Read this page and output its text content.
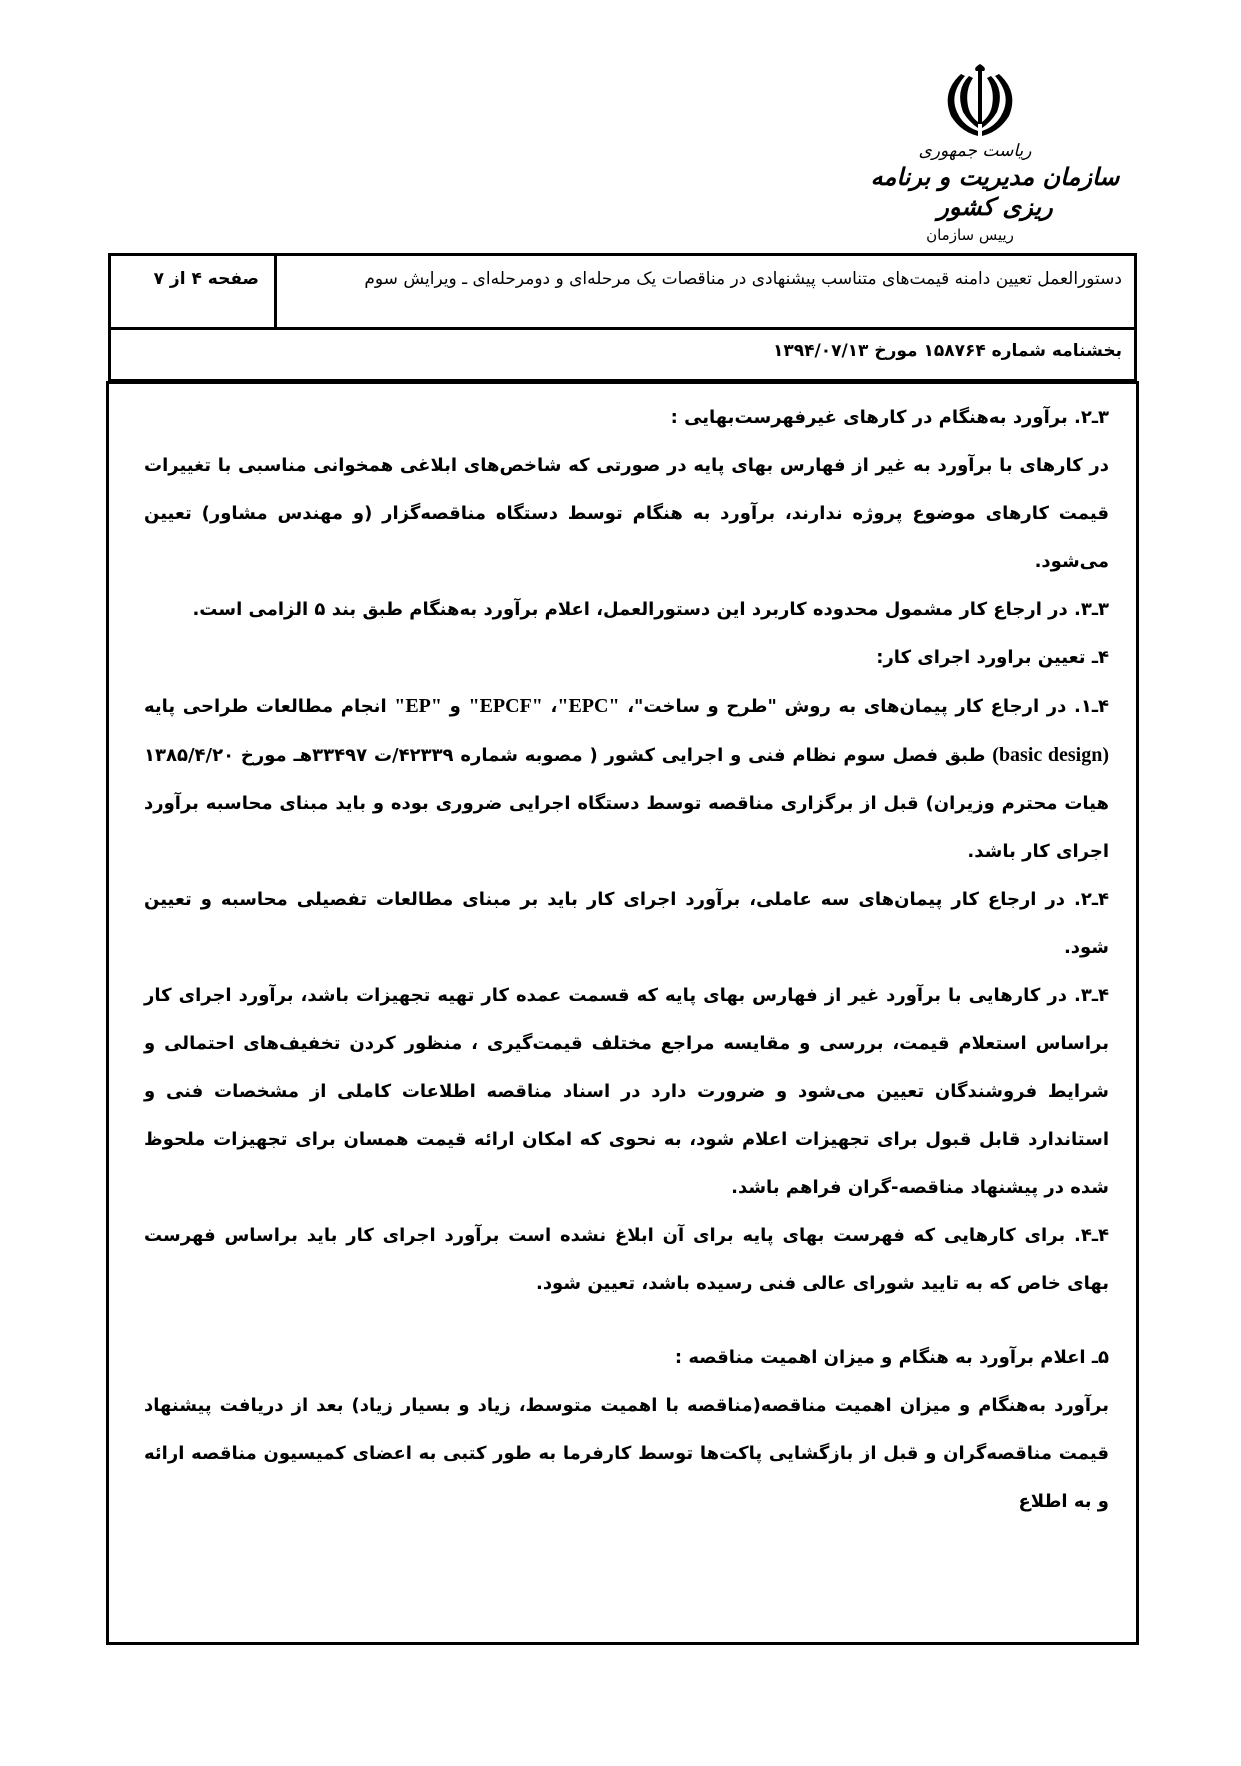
ریاست جمهوری
سازمان مدیریت و برنامه ریزی کشور
رییس سازمان
دستورالعمل تعیین دامنه قیمت‌های متناسب پیشنهادی در مناقصات یک مرحله‌ای و دومرحله‌ای ـ ویرایش سوم
صفحه ۴ از ۷
بخشنامه شماره ۱۵۸۷۶۴ مورخ ۱۳۹۴/۰۷/۱۳

۳ـ۲. برآورد به‌هنگام در کارهای غیرفهرست‌بهایی :

در کارهای با برآورد به غیر از فهارس بهای پایه در صورتی که شاخص‌های ابلاغی همخوانی مناسبی با تغییرات قیمت کارهای موضوع پروژه ندارند، برآورد به هنگام توسط دستگاه مناقصه‌گزار (و مهندس مشاور) تعیین می‌شود.

۳ـ۳. در ارجاع کار مشمول محدوده کاربرد این دستورالعمل، اعلام برآورد به‌هنگام طبق بند ۵ الزامی است.

۴ـ تعیین براورد اجرای کار:

۴ـ۱. در ارجاع کار پیمان‌های به روش "طرح و ساخت"، "EPC"، "EPCF" و "EP" انجام مطالعات طراحی پایه (basic design) طبق فصل سوم نظام فنی و اجرایی کشور ( مصوبه شماره ۴۲۳۳۹/ت ۳۳۴۹۷هـ مورخ ۱۳۸۵/۴/۲۰ هیات محترم وزیران) قبل از برگزاری مناقصه توسط دستگاه اجرایی ضروری بوده و باید مبنای محاسبه برآورد اجرای کار باشد.

۴ـ۲. در ارجاع کار پیمان‌های سه عاملی، برآورد اجرای کار باید بر مبنای مطالعات تفصیلی محاسبه و تعیین شود.

۴ـ۳. در کارهایی با برآورد غیر از فهارس بهای پایه که قسمت عمده کار تهیه تجهیزات باشد، برآورد اجرای کار براساس استعلام قیمت، بررسی و مقایسه مراجع مختلف قیمت‌گیری ، منظور کردن تخفیف‌های احتمالی و شرایط فروشندگان تعیین می‌شود و ضرورت دارد در اسناد مناقصه اطلاعات کاملی از مشخصات فنی و استاندارد قابل قبول برای تجهیزات اعلام شود، به نحوی که امکان ارائه قیمت همسان برای تجهیزات ملحوظ شده در پیشنهاد مناقصه-گران فراهم باشد.

۴ـ۴. برای کارهایی که فهرست بهای پایه برای آن ابلاغ نشده است برآورد اجرای کار باید براساس فهرست بهای خاص که به تایید شورای عالی فنی رسیده باشد، تعیین شود.

۵ـ اعلام برآورد به هنگام و میزان اهمیت مناقصه :

برآورد به‌هنگام و میزان اهمیت مناقصه(مناقصه با اهمیت متوسط، زیاد و بسیار زیاد) بعد از دریافت پیشنهاد قیمت مناقصه‌گران و قبل از بازگشایی پاکت‌ها توسط کارفرما به طور کتبی به اعضای کمیسیون مناقصه ارائه و به اطلاع
